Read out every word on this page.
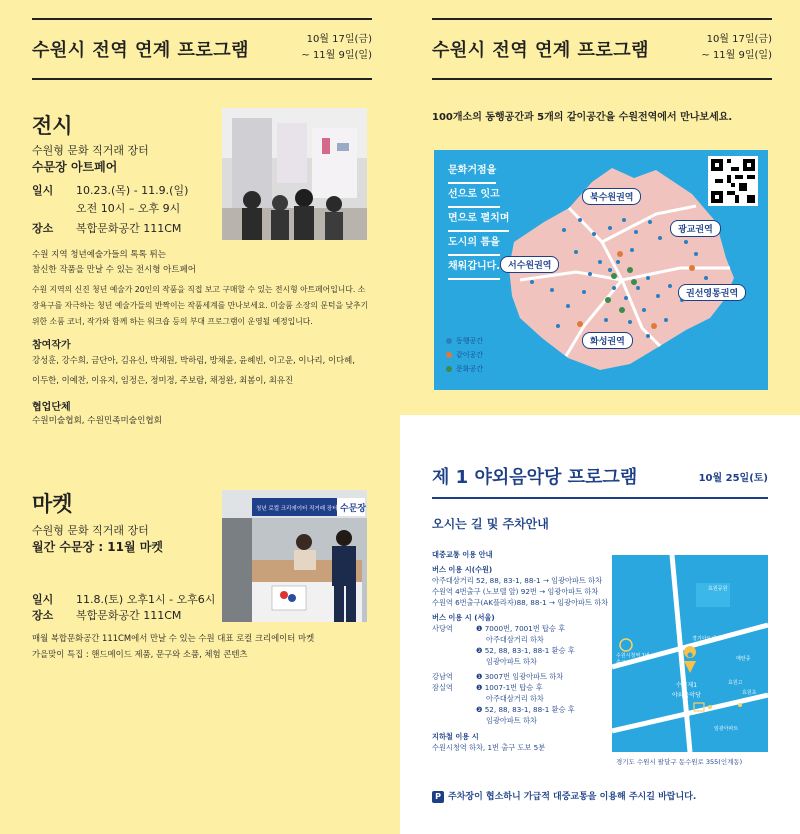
수원시 전역 연계 프로그램
10월 17일(금)
~ 11월 9일(일)
전시
수원형 문화 직거래 장터
수문장 아트페어
일시 10.23.(목) - 11.9.(일)
오전 10시 – 오후 9시
장소 복합문화공간 111CM
수원 지역 청년예술가들의 톡톡 튀는
참신한 작품을 만날 수 있는 전시형 아트페어
수원 지역의 신진 청년 예술가 20인의 작품을 직접 보고 구매할 수 있는 전시형 아트페어입니다. 소
장욕구를 자극하는 청년 예술가들의 반짝이는 작품세계를 만나보세요. 미술품 소장의 문턱을 낮추기
위한 소품 코너, 작가와 함께 하는 워크숍 등의 부대 프로그램이 운영될 예정입니다.
참여작가
강성훈, 강수희, 금단아, 김유신, 박채원, 박하림, 방채윤, 윤혜빈, 이고운, 이나리, 이다혜,
이두한, 이예찬, 이유지, 임정은, 정미정, 주보람, 채정완, 최봄이, 최유진
협업단체
수원미술협회, 수원민족미술인협회
마켓
수원형 문화 직거래 장터
월간 수문장 : 11월 마켓
수문장
청년 로컬 크리에이터 직거래 장터
일시 11.8.(토) 오후1시 - 오후6시
장소 복합문화공간 111CM
매월 복합문화공간 111CM에서 만날 수 있는 수원 대표 로컬 크리에이터 마켓
가을맞이 특집 : 핸드메이드 제품, 문구와 소품, 체험 콘텐츠
수원시 전역 연계 프로그램
10월 17일(금)
~ 11월 9일(일)
100개소의 동행공간과 5개의 같이공간을 수원전역에서 만나보세요.
문화거점을
선으로 잇고
면으로 펼치며
도시의 틈을
채워갑니다.
북수원권역
광교권역
서수원권역
권선영통권역
화성권역
동행공간
같이공간
문화공간
제 1 야외음악당 프로그램	10월 25일(토)
오시는 길 및 주차안내
대중교통 이용 안내
버스 이용 시(수원)
아주대삼거리 52, 88, 83-1, 88-1 → 임광아파트 하차
수원역 4번출구 (노보텔 앞) 92번 → 임광아파트 하차
수원역 6번출구(AK플라자)88, 88-1 → 임광아파트 하차
버스 이용 시 (서울)
사당역	❶ 7000번, 7001번 탑승 후
아주대삼거리 하차
❷ 52, 88, 83-1, 88-1 환승 후
임광아파트 하차
강남역
잠실역
❶ 3007번 임광아파트 하차
❶ 1007-1번 탑승 후
아주대삼거리 하차
❷ 52, 88, 83-1, 88-1 환승 후
임광아파트 하차
지하철 이용 시
수원시청역 하차, 1번 출구 도보 5분
효원공원
경기아트센터
수원시청역 1번 출구
수원제1
야외음악당
매탄중
효원고
효원초
임광아파트
경기도 수원시 팔달구 동수원로 355(인계동)
P 주차장이 협소하니 가급적 대중교통을 이용해 주시길 바랍니다.
